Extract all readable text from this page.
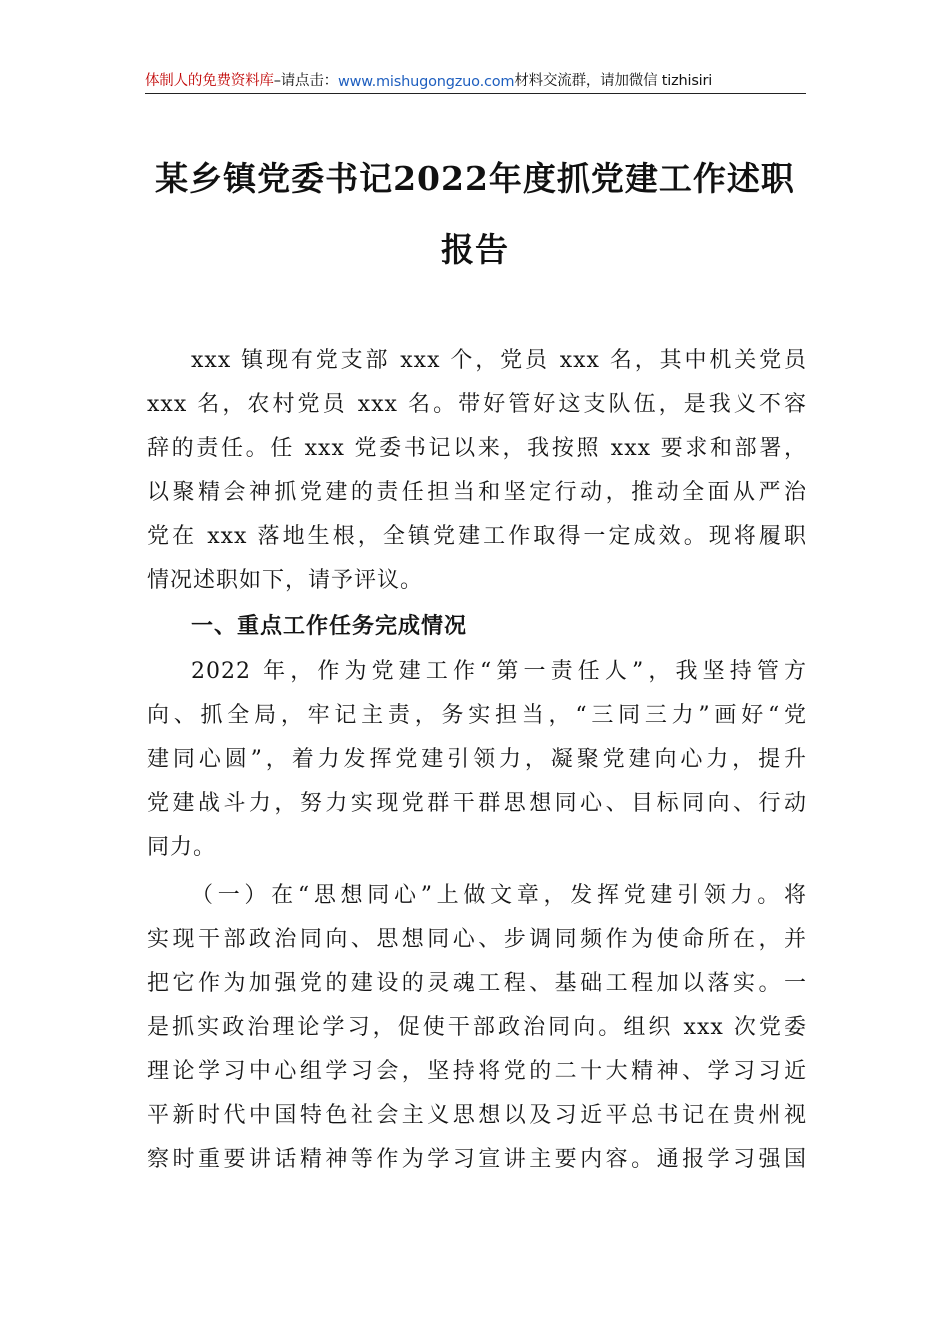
体制人的免费资料库 –请点击： www.mishugongzuo.com 材料交流群，请加微信 tizhisiri
某乡镇党委书记2022年度抓党建工作述职
报告
xxx 镇现有党支部 xxx 个，党员 xxx 名，其中机关党员
xxx 名，农村党员 xxx 名。带好管好这支队伍，是我义不容
辞的责任。任 xxx 党委书记以来，我按照 xxx 要求和部署，
以聚精会神抓党建的责任担当和坚定行动，推动全面从严治
党在 xxx 落地生根，全镇党建工作取得一定成效。现将履职
情况述职如下，请予评议。
一、重点工作任务完成情况
2022 年，作为党建工作“第一责任人”，我坚持管方
向、抓全局，牢记主责，务实担当，“三同三力”画好“党
建同心圆”，着力发挥党建引领力，凝聚党建向心力，提升
党建战斗力，努力实现党群干群思想同心、目标同向、行动
同力。
（一）在“思想同心”上做文章，发挥党建引领力。将
实现干部政治同向、思想同心、步调同频作为使命所在，并
把它作为加强党的建设的灵魂工程、基础工程加以落实。一
是抓实政治理论学习，促使干部政治同向。组织 xxx 次党委
理论学习中心组学习会，坚持将党的二十大精神、学习习近
平新时代中国特色社会主义思想以及习近平总书记在贵州视
察时重要讲话精神等作为学习宣讲主要内容。通报学习强国
